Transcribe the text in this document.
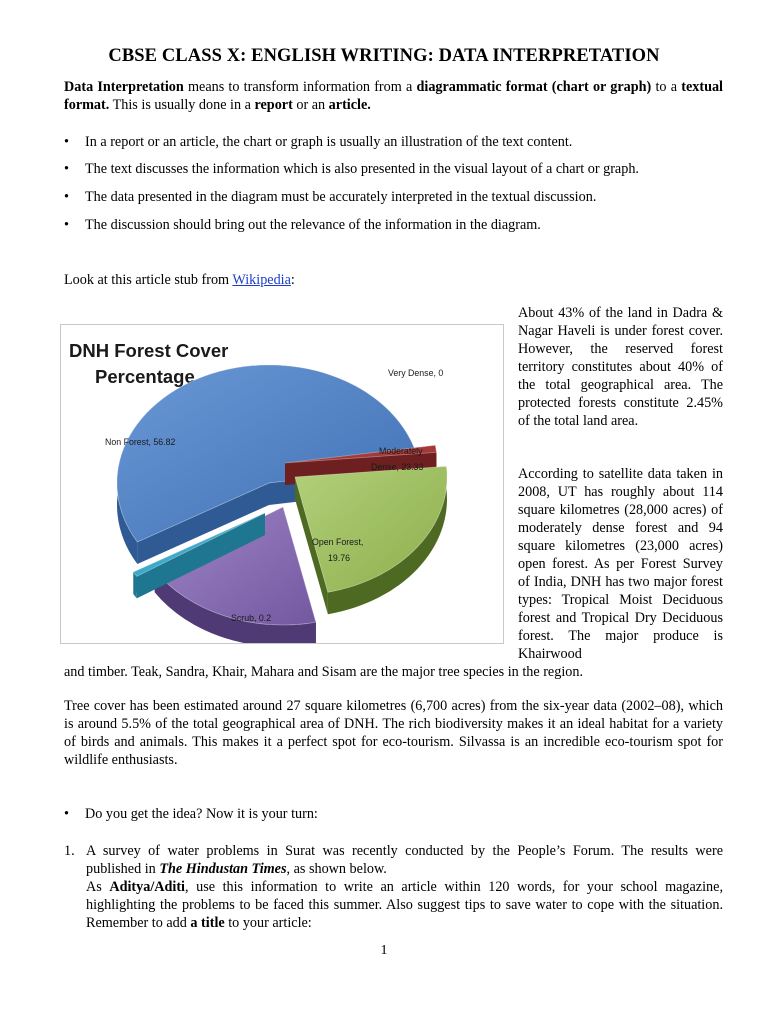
CBSE CLASS X: ENGLISH WRITING: DATA INTERPRETATION
Data Interpretation means to transform information from a diagrammatic format (chart or graph) to a textual format. This is usually done in a report or an article.
•	In a report or an article, the chart or graph is usually an illustration of the text content.
•	The text discusses the information which is also presented in the visual layout of a chart or graph.
•	The data presented in the diagram must be accurately interpreted in the textual discussion.
•	The discussion should bring out the relevance of the information in the diagram.
Look at this article stub from Wikipedia:
DNH Forest Cover
Percentage
Non Forest, 56.82
Very Dense, 0
Moderately
Dense, 23.33
Open Forest,
19.76
Scrub, 0.2
About 43% of the land in Dadra & Nagar Haveli is under forest cover. However, the reserved forest territory constitutes about 40% of the total geographical area. The protected forests constitute 2.45% of the total land area.
According to satellite data taken in 2008, UT has roughly about 114 square kilometres (28,000 acres) of moderately dense forest and 94 square kilometres (23,000 acres) open forest. As per Forest Survey of India, DNH has two major forest types: Tropical Moist Deciduous forest and Tropical Dry Deciduous forest. The major produce is Khairwood
and timber. Teak, Sandra, Khair, Mahara and Sisam are the major tree species in the region.
Tree cover has been estimated around 27 square kilometres (6,700 acres) from the six-year data (2002–08), which is around 5.5% of the total geographical area of DNH. The rich biodiversity makes it an ideal habitat for a variety of birds and animals. This makes it a perfect spot for eco-tourism. Silvassa is an incredible eco-tourism spot for wildlife enthusiasts.
•	Do you get the idea? Now it is your turn:
1. A survey of water problems in Surat was recently conducted by the People’s Forum. The results were
published in The Hindustan Times, as shown below.
As Aditya/Aditi, use this information to write an article within 120 words, for your school magazine, highlighting the problems to be faced this summer. Also suggest tips to save water to cope with the situation. Remember to add a title to your article:
1
